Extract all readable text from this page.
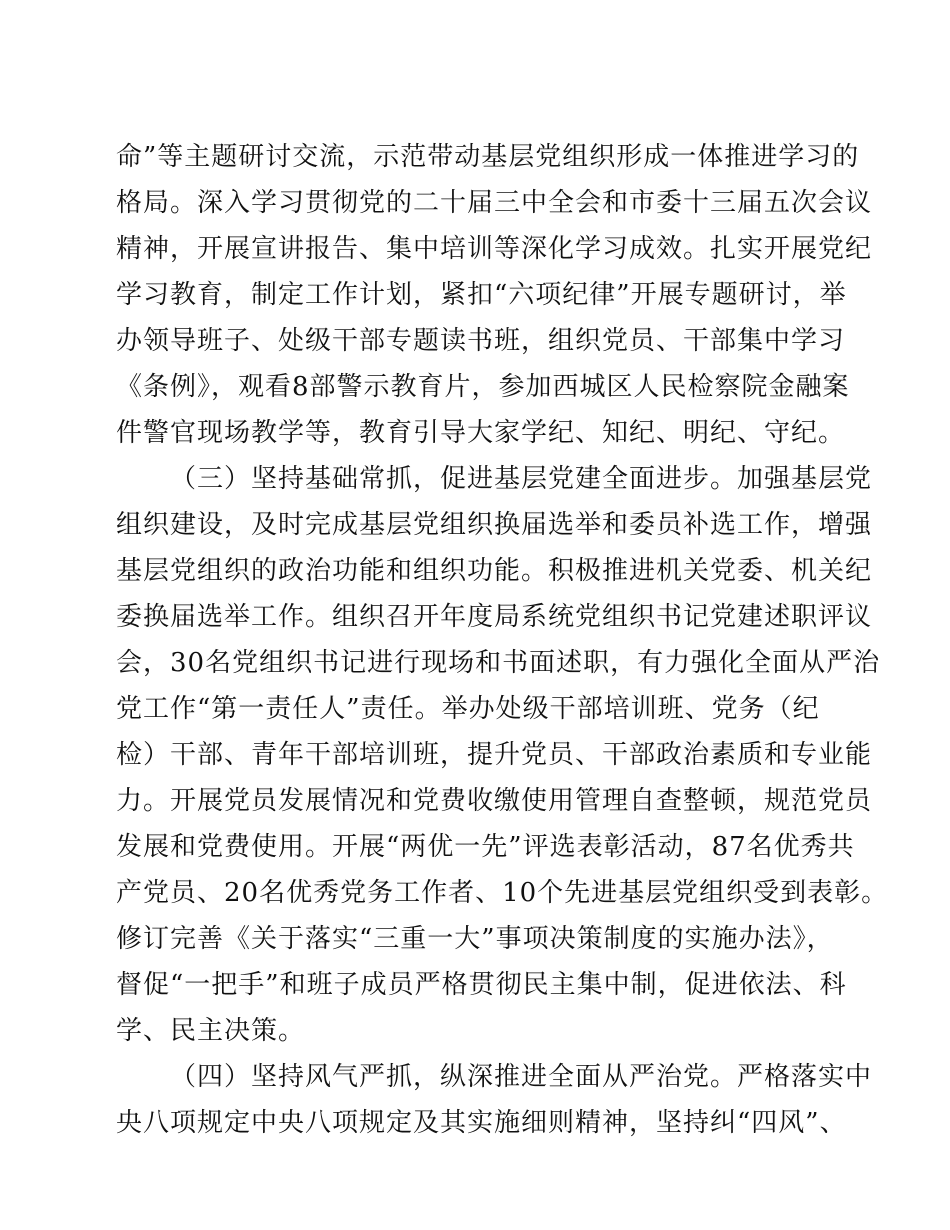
命”等主题研讨交流，示范带动基层党组织形成一体推进学习的
格局。深入学习贯彻党的二十届三中全会和市委十三届五次会议
精神，开展宣讲报告、集中培训等深化学习成效。扎实开展党纪
学习教育，制定工作计划，紧扣“六项纪律”开展专题研讨，举
办领导班子、处级干部专题读书班，组织党员、干部集中学习
《条例》，观看8部警示教育片，参加西城区人民检察院金融案
件警官现场教学等，教育引导大家学纪、知纪、明纪、守纪。
（三）坚持基础常抓，促进基层党建全面进步。加强基层党
组织建设，及时完成基层党组织换届选举和委员补选工作，增强
基层党组织的政治功能和组织功能。积极推进机关党委、机关纪
委换届选举工作。组织召开年度局系统党组织书记党建述职评议
会，30名党组织书记进行现场和书面述职，有力强化全面从严治
党工作“第一责任人”责任。举办处级干部培训班、党务（纪
检）干部、青年干部培训班，提升党员、干部政治素质和专业能
力。开展党员发展情况和党费收缴使用管理自查整顿，规范党员
发展和党费使用。开展“两优一先”评选表彰活动，87名优秀共
产党员、20名优秀党务工作者、10个先进基层党组织受到表彰。
修订完善《关于落实“三重一大”事项决策制度的实施办法》，
督促“一把手”和班子成员严格贯彻民主集中制，促进依法、科
学、民主决策。
（四）坚持风气严抓，纵深推进全面从严治党。严格落实中
央八项规定中央八项规定及其实施细则精神，坚持纠“四风”、
